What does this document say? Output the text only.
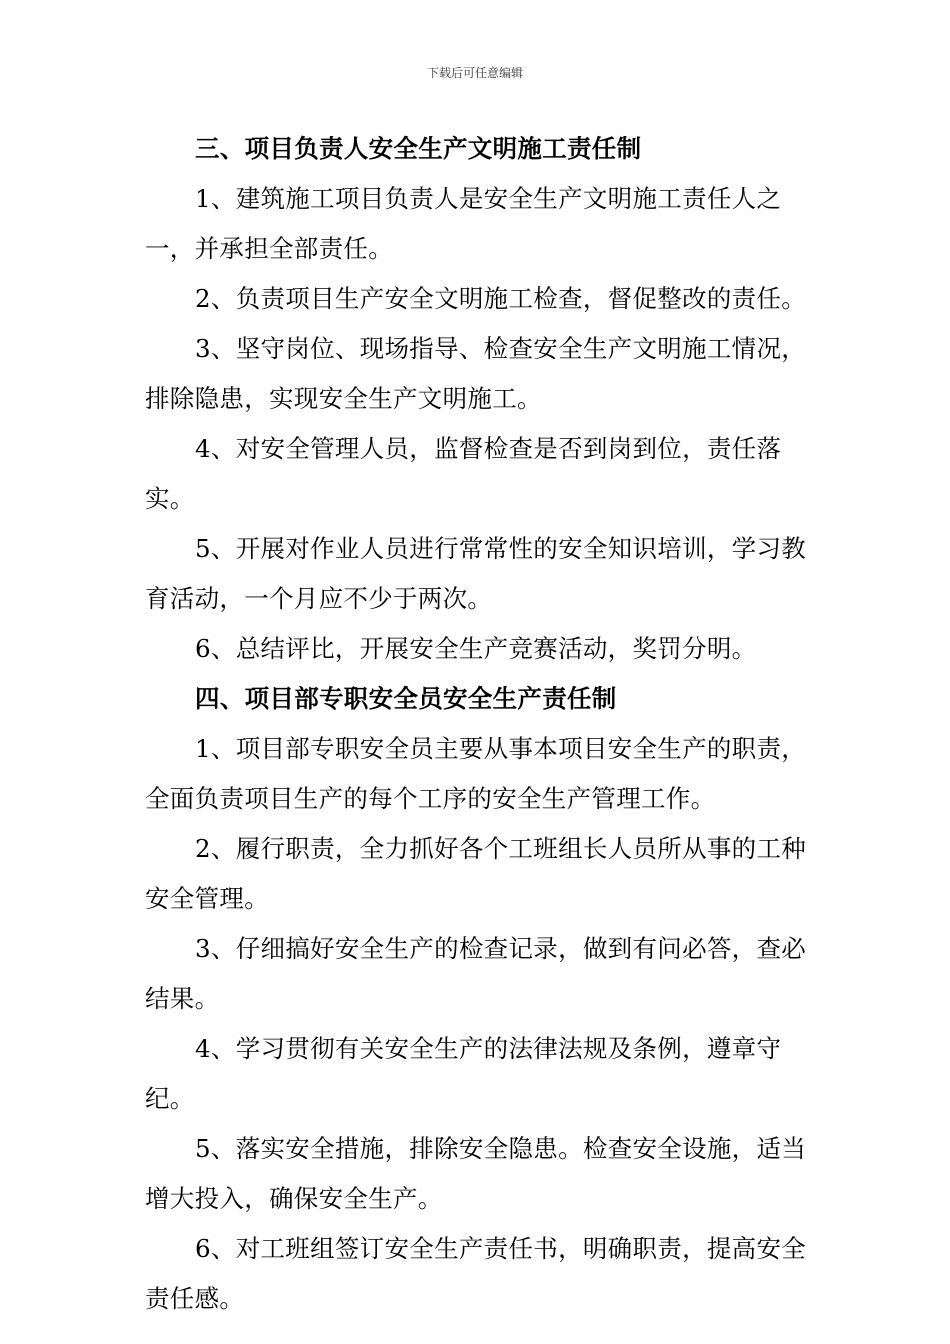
下载后可任意编辑

三、项目负责人安全生产文明施工责任制

1、建筑施工项目负责人是安全生产文明施工责任人之一，并承担全部责任。

2、负责项目生产安全文明施工检查，督促整改的责任。

3、坚守岗位、现场指导、检查安全生产文明施工情况，排除隐患，实现安全生产文明施工。

4、对安全管理人员，监督检查是否到岗到位，责任落实。

5、开展对作业人员进行常常性的安全知识培训，学习教育活动，一个月应不少于两次。

6、总结评比，开展安全生产竞赛活动，奖罚分明。

四、项目部专职安全员安全生产责任制

1、项目部专职安全员主要从事本项目安全生产的职责，全面负责项目生产的每个工序的安全生产管理工作。

2、履行职责，全力抓好各个工班组长人员所从事的工种安全管理。

3、仔细搞好安全生产的检查记录，做到有问必答，查必结果。

4、学习贯彻有关安全生产的法律法规及条例，遵章守纪。

5、落实安全措施，排除安全隐患。检查安全设施，适当增大投入，确保安全生产。

6、对工班组签订安全生产责任书，明确职责，提高安全责任感。
